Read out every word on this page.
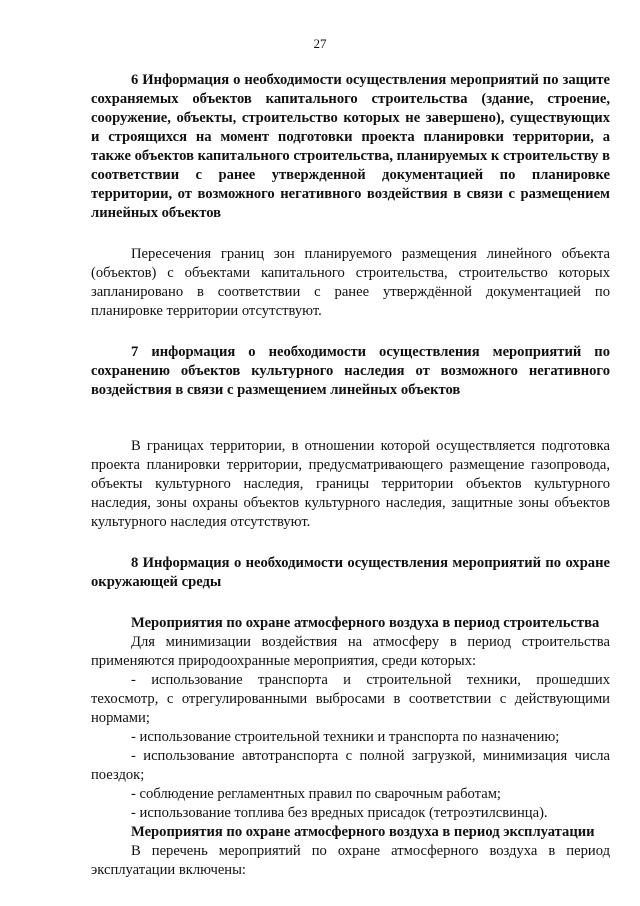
27

6 Информация о необходимости осуществления мероприятий по защите сохраняемых объектов капитального строительства (здание, строение, сооружение, объекты, строительство которых не завершено), существующих и строящихся на момент подготовки проекта планировки территории, а также объектов капитального строительства, планируемых к строительству в соответствии с ранее утвержденной документацией по планировке территории, от возможного негативного воздействия в связи с размещением линейных объектов

Пересечения границ зон планируемого размещения линейного объекта (объектов) с объектами капитального строительства, строительство которых запланировано в соответствии с ранее утверждённой документацией по планировке территории отсутствуют.

7 информация о необходимости осуществления мероприятий по сохранению объектов культурного наследия от возможного негативного воздействия в связи с размещением линейных объектов

В границах территории, в отношении которой осуществляется подготовка проекта планировки территории, предусматривающего размещение газопровода, объекты культурного наследия, границы территории объектов культурного наследия, зоны охраны объектов культурного наследия, защитные зоны объектов культурного наследия отсутствуют.

8 Информация о необходимости осуществления мероприятий по охране окружающей среды

Мероприятия по охране атмосферного воздуха в период строительства

Для минимизации воздействия на атмосферу в период строительства применяются природоохранные мероприятия, среди которых:

- использование транспорта и строительной техники, прошедших техосмотр, с отрегулированными выбросами в соответствии с действующими нормами;

- использование строительной техники и транспорта по назначению;

- использование автотранспорта с полной загрузкой, минимизация числа поездок;

- соблюдение регламентных правил по сварочным работам;

- использование топлива без вредных присадок (тетроэтилсвинца).

Мероприятия по охране атмосферного воздуха в период эксплуатации

В перечень мероприятий по охране атмосферного воздуха в период эксплуатации включены:
